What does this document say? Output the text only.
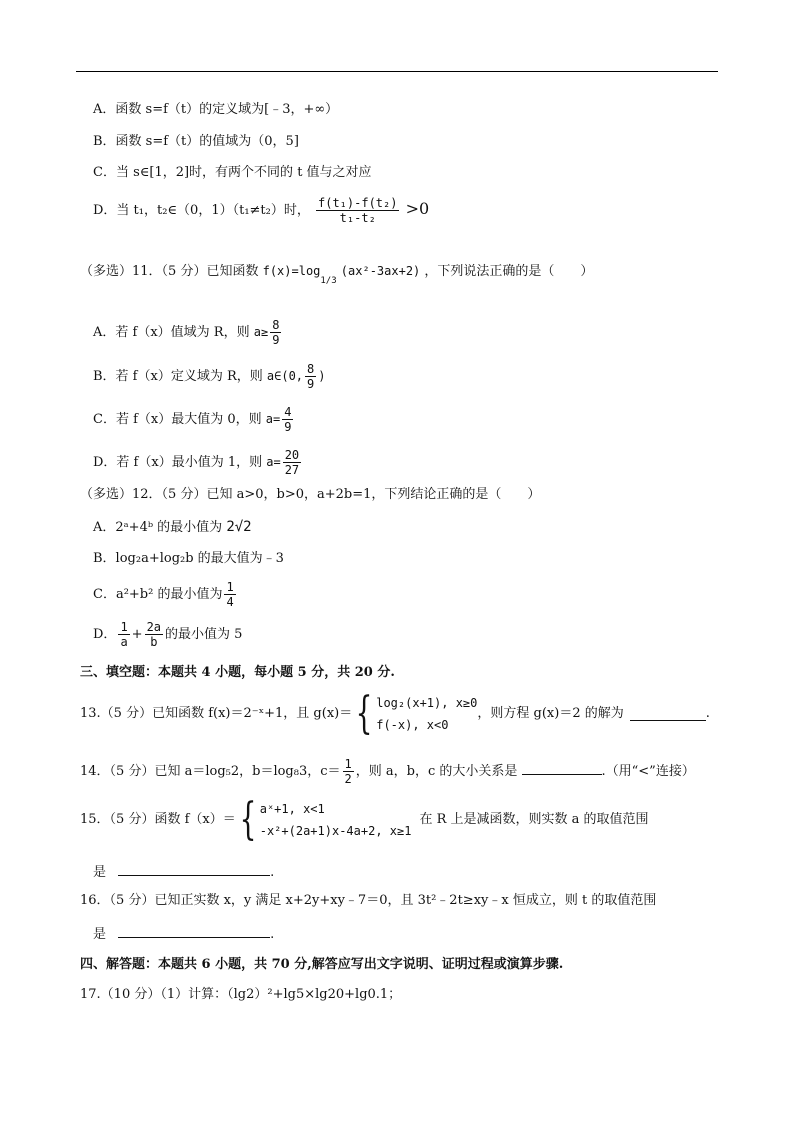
A．函数 s=f（t）的定义域为[﹣3，+∞）
B．函数 s=f（t）的值域为（0，5]
C．当 s∈[1，2]时，有两个不同的 t 值与之对应
D．当 t₁，t₂∈（0，1）（t₁≠t₂）时， $\frac{\text{f(t₁)-f(t₂)}}{\text{t₁-t₂}} >0$
（多选）11．（5 分）已知函数 $f(x)=\log_{1/3}$ (ax²-3ax+2) ，下列说法正确的是（　　）
A．若 f（x）值域为 R，则 $a\ge \frac{8}{9}$
B．若 f（x）定义域为 R，则 a∈(0, $\frac{8}{9}$ )
C．若 f（x）最大值为 0，则 $a= \frac{4}{9}$
D．若 f（x）最小值为 1，则 $a= \frac{20}{27}$
（多选）12．（5 分）已知 a>0，b>0，a+2b=1，下列结论正确的是（　　）
A．2ᵃ+4ᵇ 的最小值为 2√2
B．log₂a+log₂b 的最大值为﹣3
C．a²+b² 的最小值为 $\frac{1}{4}$
D． $\frac{1}{a} + \frac{2a}{b}$ 的最小值为 5
三、填空题：本题共 4 小题，每小题 5 分，共 20 分.
13.（5 分）已知函数 f(x)＝2⁻ˣ+1，且 g(x)＝ { log₂(x+1), x≥0
f(-x), x<0
，则方程 g(x)＝2 的解为	.
14．（5 分）已知 a＝log₅2，b＝log₈3，$c= \frac{1}{2}$ ，则 a，b，c 的大小关系是	.（用“<”连接）
15．（5 分）函数 f（x）＝ { aˣ+1, x<1
-x²+(2a+1)x-4a+2, x≥1
在 R 上是减函数，则实数 a 的取值范围
是	.
16．（5 分）已知正实数 x，y 满足 x+2y+xy﹣7＝0，且 3t²﹣2t≥xy﹣x 恒成立，则 t 的取值范围
是	.
四、解答题：本题共 6 小题，共 70 分,解答应写出文字说明、证明过程或演算步骤.
17.（10 分）（1）计算：（lg2）²+lg5×lg20+lg0.1；
